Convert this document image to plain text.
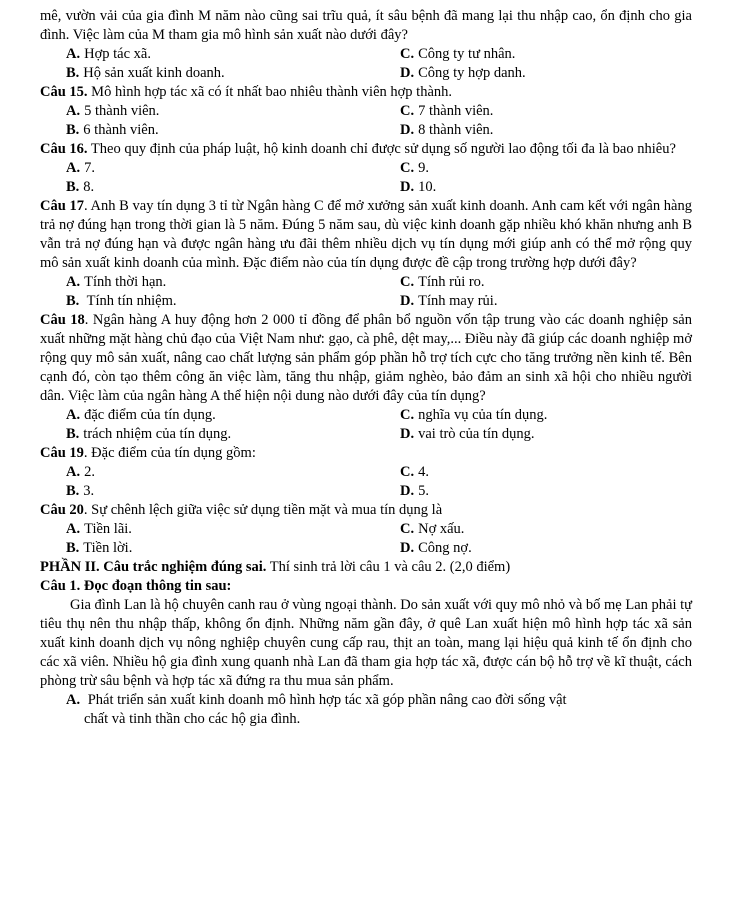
mê, vườn vải của gia đình M năm nào cũng sai trĩu quả, ít sâu bệnh đã mang lại thu nhập cao, ổn định cho gia đình. Việc làm của M tham gia mô hình sản xuất nào dưới đây?

A. Hợp tác xã.	C. Công ty tư nhân.
B. Hộ sản xuất kinh doanh.	D. Công ty hợp danh.

Câu 15. Mô hình hợp tác xã có ít nhất bao nhiêu thành viên hợp thành.

A. 5 thành viên.	C. 7 thành viên.
B. 6 thành viên.	D. 8 thành viên.

Câu 16. Theo quy định của pháp luật, hộ kinh doanh chỉ được sử dụng số người lao động tối đa là bao nhiêu?

A. 7.	C. 9.
B. 8.	D. 10.

Câu 17. Anh B vay tín dụng 3 tỉ từ Ngân hàng C để mở xưởng sản xuất kinh doanh. Anh cam kết với ngân hàng trả nợ đúng hạn trong thời gian là 5 năm. Đúng 5 năm sau, dù việc kinh doanh gặp nhiều khó khăn nhưng anh B vẫn trả nợ đúng hạn và được ngân hàng ưu đãi thêm nhiều dịch vụ tín dụng mới giúp anh có thể mở rộng quy mô sản xuất kinh doanh của mình. Đặc điểm nào của tín dụng được đề cập trong trường hợp dưới đây?

A. Tính thời hạn.	C. Tính rủi ro.
B. Tính tín nhiệm.	D. Tính may rủi.

Câu 18. Ngân hàng A huy động hơn 2 000 tỉ đồng để phân bổ nguồn vốn tập trung vào các doanh nghiệp sản xuất những mặt hàng chủ đạo của Việt Nam như: gạo, cà phê, dệt may,... Điều này đã giúp các doanh nghiệp mở rộng quy mô sản xuất, nâng cao chất lượng sản phẩm góp phần hỗ trợ tích cực cho tăng trưởng nền kinh tế. Bên cạnh đó, còn tạo thêm công ăn việc làm, tăng thu nhập, giảm nghèo, bảo đảm an sinh xã hội cho nhiều người dân. Việc làm của ngân hàng A thể hiện nội dung nào dưới đây của tín dụng?

A. đặc điểm của tín dụng.	C. nghĩa vụ của tín dụng.
B. trách nhiệm của tín dụng.	D. vai trò của tín dụng.

Câu 19. Đặc điểm của tín dụng gồm:

A. 2.	C. 4.
B. 3.	D. 5.

Câu 20. Sự chênh lệch giữa việc sử dụng tiền mặt và mua tín dụng là

A. Tiền lãi.	C. Nợ xấu.
B. Tiền lời.	D. Công nợ.

PHẦN II. Câu trắc nghiệm đúng sai. Thí sinh trả lời câu 1 và câu 2. (2,0 điểm)

Câu 1. Đọc đoạn thông tin sau:

Gia đình Lan là hộ chuyên canh rau ở vùng ngoại thành. Do sản xuất với quy mô nhỏ và bố mẹ Lan phải tự tiêu thụ nên thu nhập thấp, không ổn định. Những năm gần đây, ở quê Lan xuất hiện mô hình hợp tác xã sản xuất kinh doanh dịch vụ nông nghiệp chuyên cung cấp rau, thịt an toàn, mang lại hiệu quả kinh tế ổn định cho các xã viên. Nhiều hộ gia đình xung quanh nhà Lan đã tham gia hợp tác xã, được cán bộ hỗ trợ về kĩ thuật, cách phòng trừ sâu bệnh và hợp tác xã đứng ra thu mua sản phẩm.

A. Phát triển sản xuất kinh doanh mô hình hợp tác xã góp phần nâng cao đời sống vật
chất và tinh thần cho các hộ gia đình.
